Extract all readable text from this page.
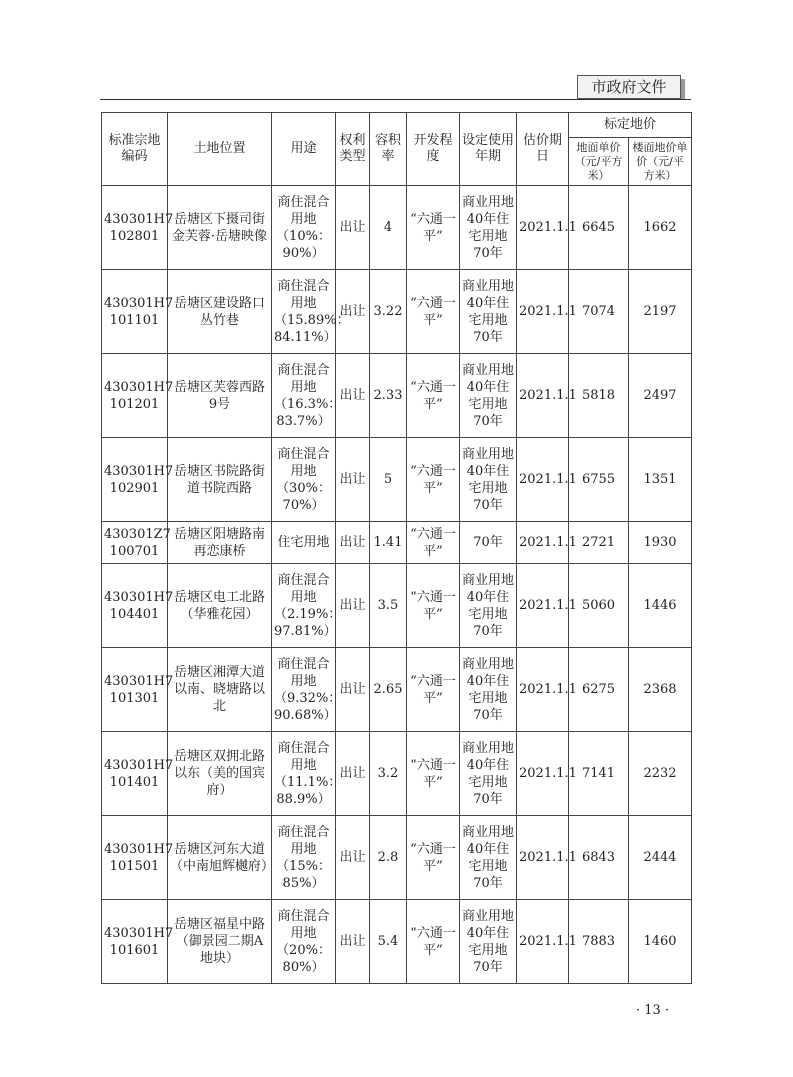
市政府文件
标准宗地编码	土地位置	用途	权利类型	容积率	开发程度	设定使用年期	估价期日	标定地价	
								地面单价（元/平方米）	楼面地价单价（元/平方米）
430301H7 102801	岳塘区下摄司街金芙蓉·岳塘映像	商住混合用地（10%：90%）	出让	4	“六通一平”	商业用地40年住宅用地70年	2021.1.1	6645	1662
430301H7 101101	岳塘区建设路口丛竹巷	商住混合用地（15.89%：84.11%）	出让	3.22	“六通一平”	商业用地40年住宅用地70年	2021.1.1	7074	2197
430301H7 101201	岳塘区芙蓉西路9号	商住混合用地（16.3%：83.7%）	出让	2.33	“六通一平”	商业用地40年住宅用地70年	2021.1.1	5818	2497
430301H7 102901	岳塘区书院路街道书院西路	商住混合用地（30%：70%）	出让	5	“六通一平”	商业用地40年住宅用地70年	2021.1.1	6755	1351
430301Z7 100701	岳塘区阳塘路南再恋康桥	住宅用地	出让	1.41	“六通一平”	70年	2021.1.1	2721	1930
430301H7 104401	岳塘区电工北路（华雅花园）	商住混合用地（2.19%：97.81%）	出让	3.5	“六通一平”	商业用地40年住宅用地70年	2021.1.1	5060	1446
430301H7 101301	岳塘区湘潭大道以南、晓塘路以北	商住混合用地（9.32%：90.68%）	出让	2.65	“六通一平”	商业用地40年住宅用地70年	2021.1.1	6275	2368
430301H7 101401	岳塘区双拥北路以东（美的国宾府）	商住混合用地（11.1%：88.9%）	出让	3.2	“六通一平”	商业用地40年住宅用地70年	2021.1.1	7141	2232
430301H7 101501	岳塘区河东大道（中南旭辉樾府）	商住混合用地（15%：85%）	出让	2.8	“六通一平”	商业用地40年住宅用地70年	2021.1.1	6843	2444
430301H7 101601	岳塘区福星中路（御景园二期A地块）	商住混合用地（20%：80%）	出让	5.4	“六通一平”	商业用地40年住宅用地70年	2021.1.1	7883	1460
· 13 ·
